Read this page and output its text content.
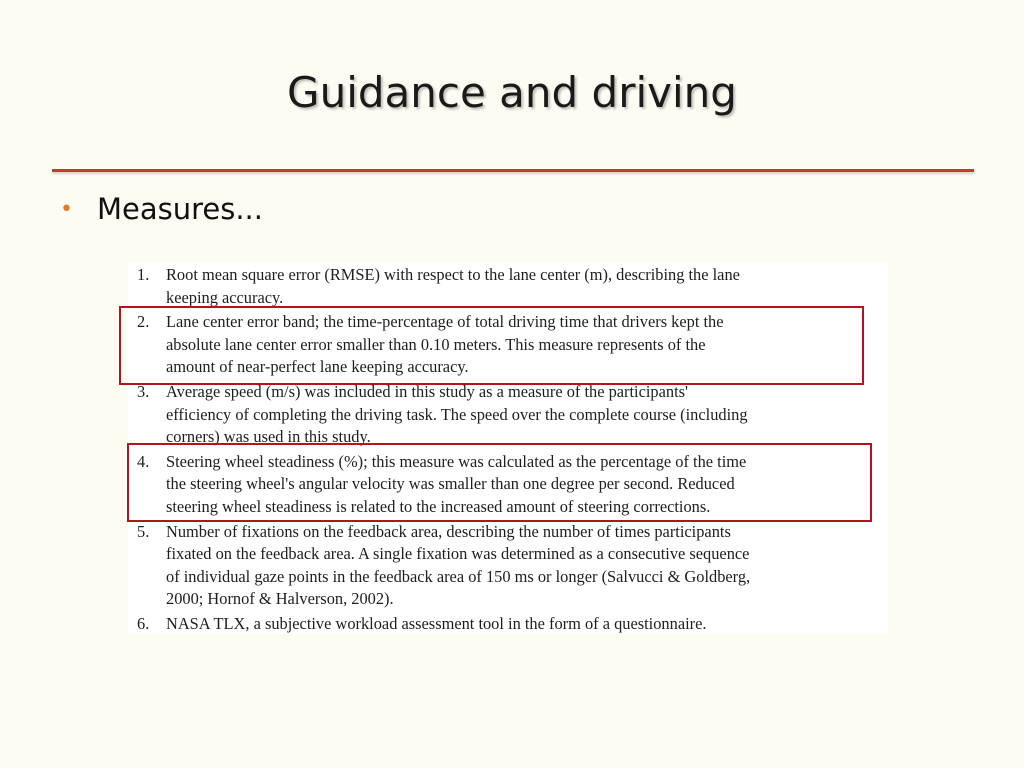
Guidance and driving
• Measures...
1. Root mean square error (RMSE) with respect to the lane center (m), describing the lane
keeping accuracy.
2. Lane center error band; the time-percentage of total driving time that drivers kept the
absolute lane center error smaller than 0.10 meters. This measure represents of the
amount of near-perfect lane keeping accuracy.
3. Average speed (m/s) was included in this study as a measure of the participants'
efficiency of completing the driving task. The speed over the complete course (including
corners) was used in this study.
4. Steering wheel steadiness (%); this measure was calculated as the percentage of the time
the steering wheel's angular velocity was smaller than one degree per second. Reduced
steering wheel steadiness is related to the increased amount of steering corrections.
5. Number of fixations on the feedback area, describing the number of times participants
fixated on the feedback area. A single fixation was determined as a consecutive sequence
of individual gaze points in the feedback area of 150 ms or longer (Salvucci & Goldberg,
2000; Hornof & Halverson, 2002).
6. NASA TLX, a subjective workload assessment tool in the form of a questionnaire.
